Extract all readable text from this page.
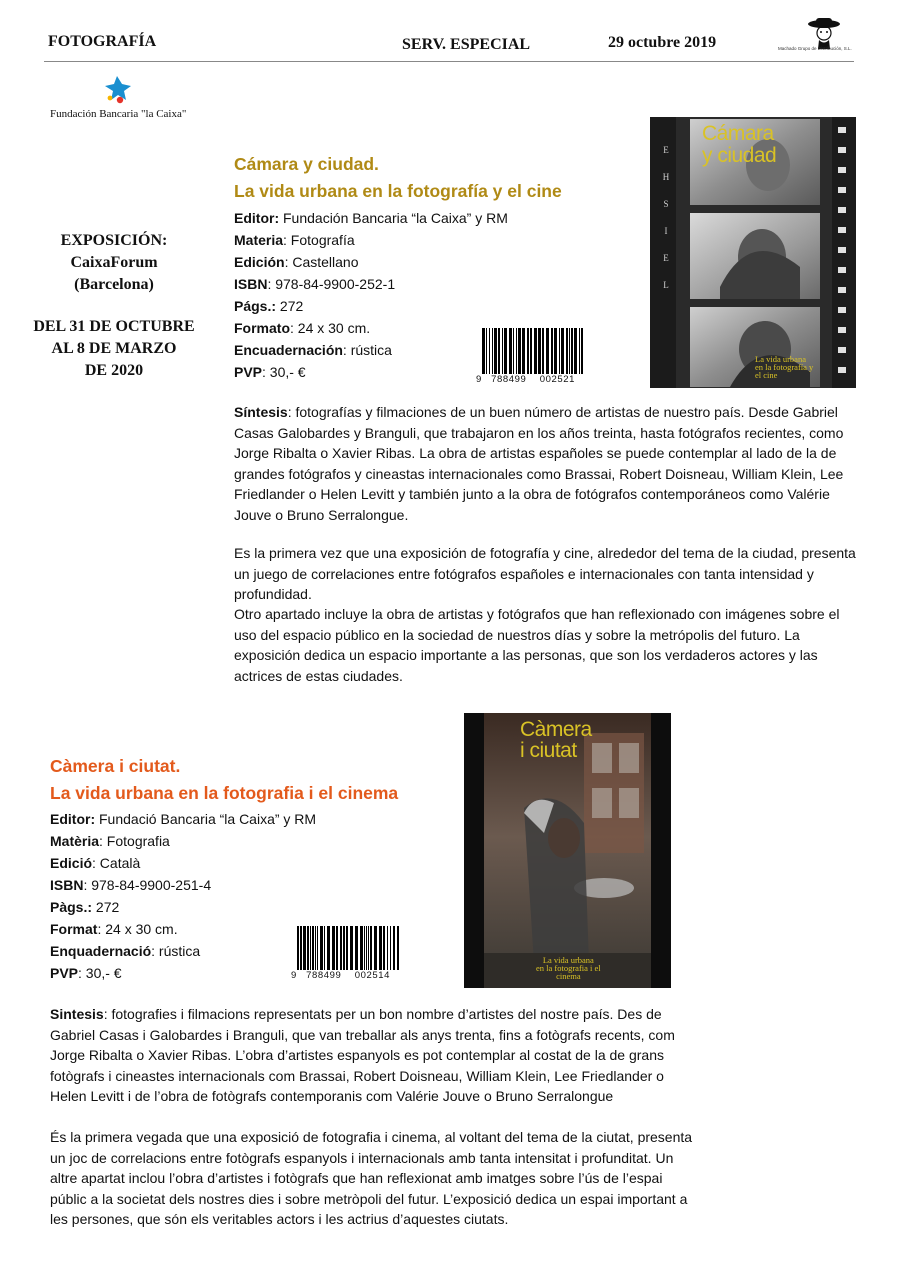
FOTOGRAFÍA	SERV. ESPECIAL	29 octubre 2019	Machado Grupo de Distribución, S.L.
Fundación Bancaria "la Caixa"
EXPOSICIÓN:
CaixaForum
(Barcelona)
DEL 31 DE OCTUBRE
AL 8 DE MARZO
DE 2020
Cámara y ciudad.
La vida urbana en la fotografía y el cine
Editor: Fundación Bancaria “la Caixa” y RM
Materia: Fotografía
Edición: Castellano
ISBN: 978-84-9900-252-1
Págs.: 272
Formato: 24 x 30 cm.
Encuadernación: rústica
PVP: 30,- €	9 788499 002521
Cámara
y ciudad
E
H
S
I
E
L
La vida urbana
en la fotografía y
el cine
Síntesis: fotografías y filmaciones de un buen número de artistas de nuestro país. Desde Gabriel Casas Galobardes y Branguli, que trabajaron en los años treinta, hasta fotógrafos recientes, como Jorge Ribalta o Xavier Ribas. La obra de artistas españoles se puede contemplar al lado de la de grandes fotógrafos y cineastas internacionales como Brassai, Robert Doisneau, William Klein, Lee Friedlander o Helen Levitt y también junto a la obra de fotógrafos contemporáneos como Valérie Jouve o Bruno Serralongue.
Es la primera vez que una exposición de fotografía y cine, alrededor del tema de la ciudad, presenta un juego de correlaciones entre fotógrafos españoles e internacionales con tanta intensidad y profundidad.
Otro apartado incluye la obra de artistas y fotógrafos que han reflexionado con imágenes sobre el uso del espacio público en la sociedad de nuestros días y sobre la metrópolis del futuro. La exposición dedica un espacio importante a las personas, que son los verdaderos actores y las actrices de estas ciudades.
Càmera i ciutat.
La vida urbana en la fotografia i el cinema
Editor: Fundació Bancaria “la Caixa” y RM
Matèria: Fotografia
Edició: Català
ISBN: 978-84-9900-251-4
Pàgs.: 272
Format: 24 x 30 cm.
Enquadernació: rústica
PVP: 30,- €	9 788499 002514
Càmera
i ciutat
La vida urbana
en la fotografia i el
cinema
Sintesis: fotografies i filmacions representats per un bon nombre d’artistes del nostre país. Des de Gabriel Casas i Galobardes i Branguli, que van treballar als anys trenta, fins a fotògrafs recents, com Jorge Ribalta o Xavier Ribas. L’obra d’artistes espanyols es pot contemplar al costat de la de grans fotògrafs i cineastes internacionals com Brassai, Robert Doisneau, William Klein, Lee Friedlander o Helen Levitt i de l’obra de fotògrafs contemporanis com Valérie Jouve o Bruno Serralongue
És la primera vegada que una exposició de fotografia i cinema, al voltant del tema de la ciutat, presenta un joc de correlacions entre fotògrafs espanyols i internacionals amb tanta intensitat i profunditat. Un altre apartat inclou l’obra d’artistes i fotògrafs que han reflexionat amb imatges sobre l’ús de l’espai públic a la societat dels nostres dies i sobre metròpoli del futur. L’exposició dedica un espai important a les persones, que són els veritables actors i les actrius d’aquestes ciutats.
